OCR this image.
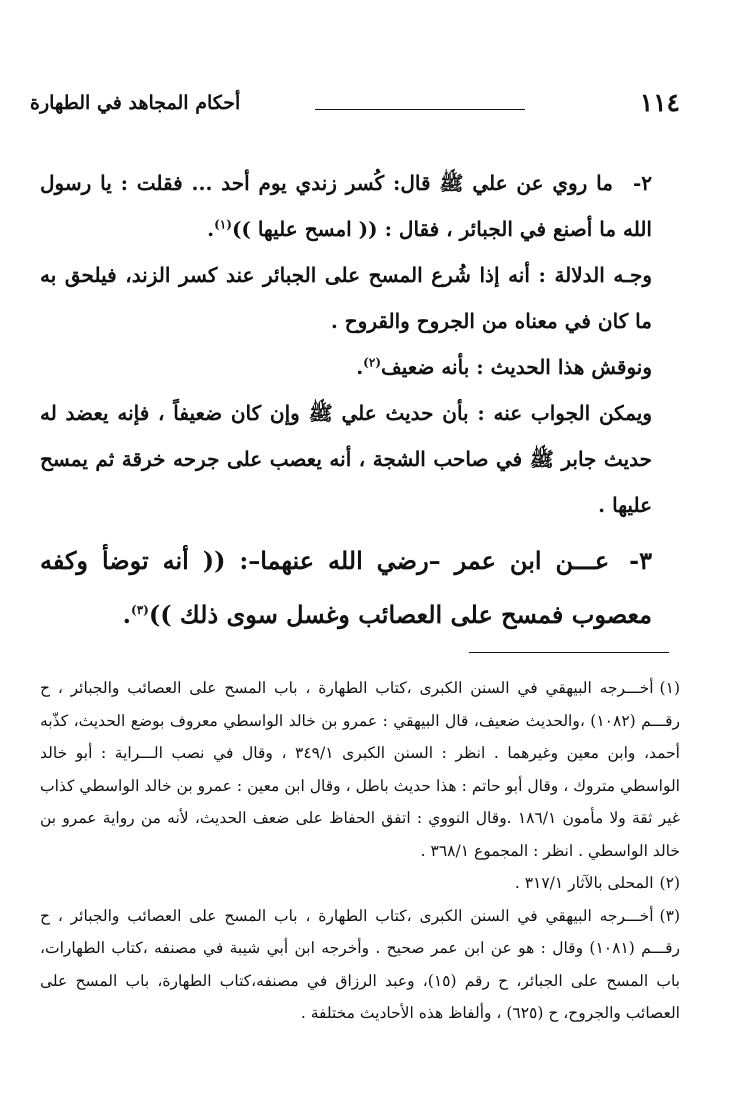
١١٤
أحكام المجاهد في الطهارة

٢-ما روي عن علي ﷺ قال: كُسر زندي يوم أحد ... فقلت : يا رسول الله ما أصنع في الجبائر ، فقال : (( امسح عليها ))$^{(١)}$.

وجـه الدلالة : أنه إذا شُرع المسح على الجبائر عند كسر الزند، فيلحق به ما كان في معناه من الجروح والقروح .

ونوقش هذا الحديث : بأنه ضعيف$^{(٢)}$.

ويمكن الجواب عنه : بأن حديث علي ﷺ وإن كان ضعيفاً ، فإنه يعضد له حديث جابر ﷺ في صاحب الشجة ، أنه يعصب على جرحه خرقة ثم يمسح عليها .

٣-عـــن ابن عمر –رضي الله عنهما–: (( أنه توضأ وكفه معصوب فمسح على العصائب وغسل سوى ذلك ))$^{(٣)}$.

(١)أخـــرجه البيهقي في السنن الكبرى ،كتاب الطهارة ، باب المسح على العصائب والجبائر ، ح رقـــم (١٠٨٢) ،والحديث ضعيف، قال البيهقي : عمرو بن خالد الواسطي معروف بوضع الحديث، كذّبه أحمد، وابن معين وغيرهما . انظر : السنن الكبرى ٣٤٩/١ ، وقال في نصب الـــراية : أبو خالد الواسطي متروك ، وقال أبو حاتم : هذا حديث باطل ، وقال ابن معين : عمرو بن خالد الواسطي كذاب غير ثقة ولا مأمون ١٨٦/١ .وقال النووي : اتفق الحفاظ على ضعف الحديث، لأنه من رواية عمرو بن خالد الواسطي . انظر : المجموع ٣٦٨/١ .

(٢)المحلى بالآثار ٣١٧/١ .

(٣)أخـــرجه البيهقي في السنن الكبرى ،كتاب الطهارة ، باب المسح على العصائب والجبائر ، ح رقـــم (١٠٨١) وقال : هو عن ابن عمر صحيح . وأخرجه ابن أبي شيبة في مصنفه ،كتاب الطهارات، باب المسح على الجبائر، ح رقم (١٥)، وعبد الرزاق في مصنفه،كتاب الطهارة، باب المسح على العصائب والجروح، ح (٦٢٥) ، وألفاظ هذه الأحاديث مختلفة .
